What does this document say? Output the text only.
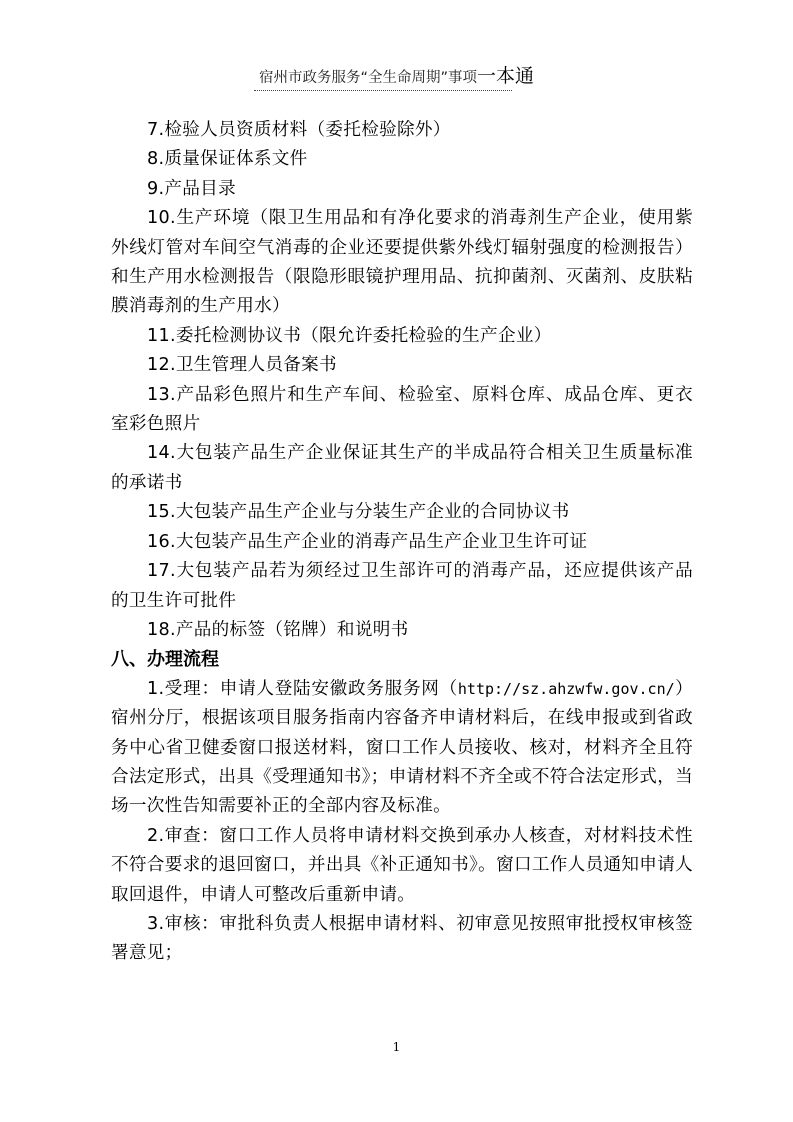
宿州市政务服务“全生命周期”事项一本通

7.检验人员资质材料（委托检验除外）

8.质量保证体系文件

9.产品目录

10.生产环境（限卫生用品和有净化要求的消毒剂生产企业，使用紫外线灯管对车间空气消毒的企业还要提供紫外线灯辐射强度的检测报告）和生产用水检测报告（限隐形眼镜护理用品、抗抑菌剂、灭菌剂、皮肤粘膜消毒剂的生产用水）

11.委托检测协议书（限允许委托检验的生产企业）

12.卫生管理人员备案书

13.产品彩色照片和生产车间、检验室、原料仓库、成品仓库、更衣室彩色照片

14.大包装产品生产企业保证其生产的半成品符合相关卫生质量标准的承诺书

15.大包装产品生产企业与分装生产企业的合同协议书

16.大包装产品生产企业的消毒产品生产企业卫生许可证

17.大包装产品若为须经过卫生部许可的消毒产品，还应提供该产品的卫生许可批件

18.产品的标签（铭牌）和说明书

八、办理流程

1.受理：申请人登陆安徽政务服务网（http://sz.ahzwfw.gov.cn/）宿州分厅，根据该项目服务指南内容备齐申请材料后，在线申报或到省政务中心省卫健委窗口报送材料，窗口工作人员接收、核对，材料齐全且符合法定形式，出具《受理通知书》；申请材料不齐全或不符合法定形式，当场一次性告知需要补正的全部内容及标准。

2.审查：窗口工作人员将申请材料交换到承办人核查，对材料技术性不符合要求的退回窗口，并出具《补正通知书》。窗口工作人员通知申请人取回退件，申请人可整改后重新申请。

3.审核：审批科负责人根据申请材料、初审意见按照审批授权审核签署意见；

1
